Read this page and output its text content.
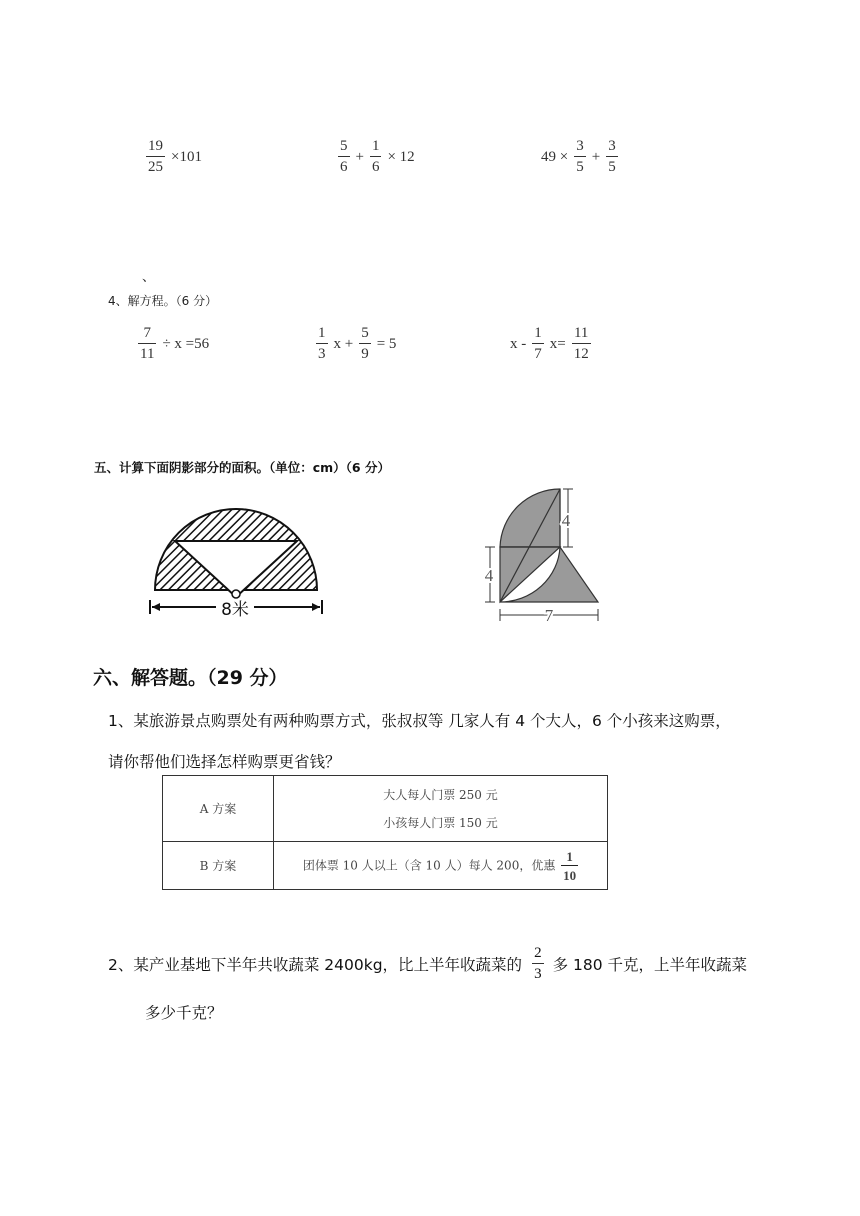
$\frac{19}{25} \times 101$	$\frac{5}{6} + \frac{1}{6} \times 12$	$49 \times \frac{3}{5} + \frac{3}{5}$
、
4、解方程。（6 分）
$\frac{7}{11} \div x =56$	$\frac{1}{3}$ $x + \frac{5}{9} = 5$	$x - \frac{1}{7} x= \frac{11}{12}$
五、计算下面阴影部分的面积。（单位：cm）（6 分）
8米
4
4
7
六、解答题。（29 分）
1、某旅游景点购票处有两种购票方式，张叔叔等 几家人有 4 个大人，6 个小孩来这购票，
请你帮他们选择怎样购票更省钱？
A 方案	大人每人门票 250 元
小孩每人门票 150 元

B 方案	团体票 10 人以上（含 10 人）每人 200，优惠 $\frac{1}{10}$
2、某产业基地下半年共收蔬菜 2400kg，比上半年收蔬菜的 $\frac{2}{3}$ 多 180 千克，上半年收蔬菜
多少千克？
